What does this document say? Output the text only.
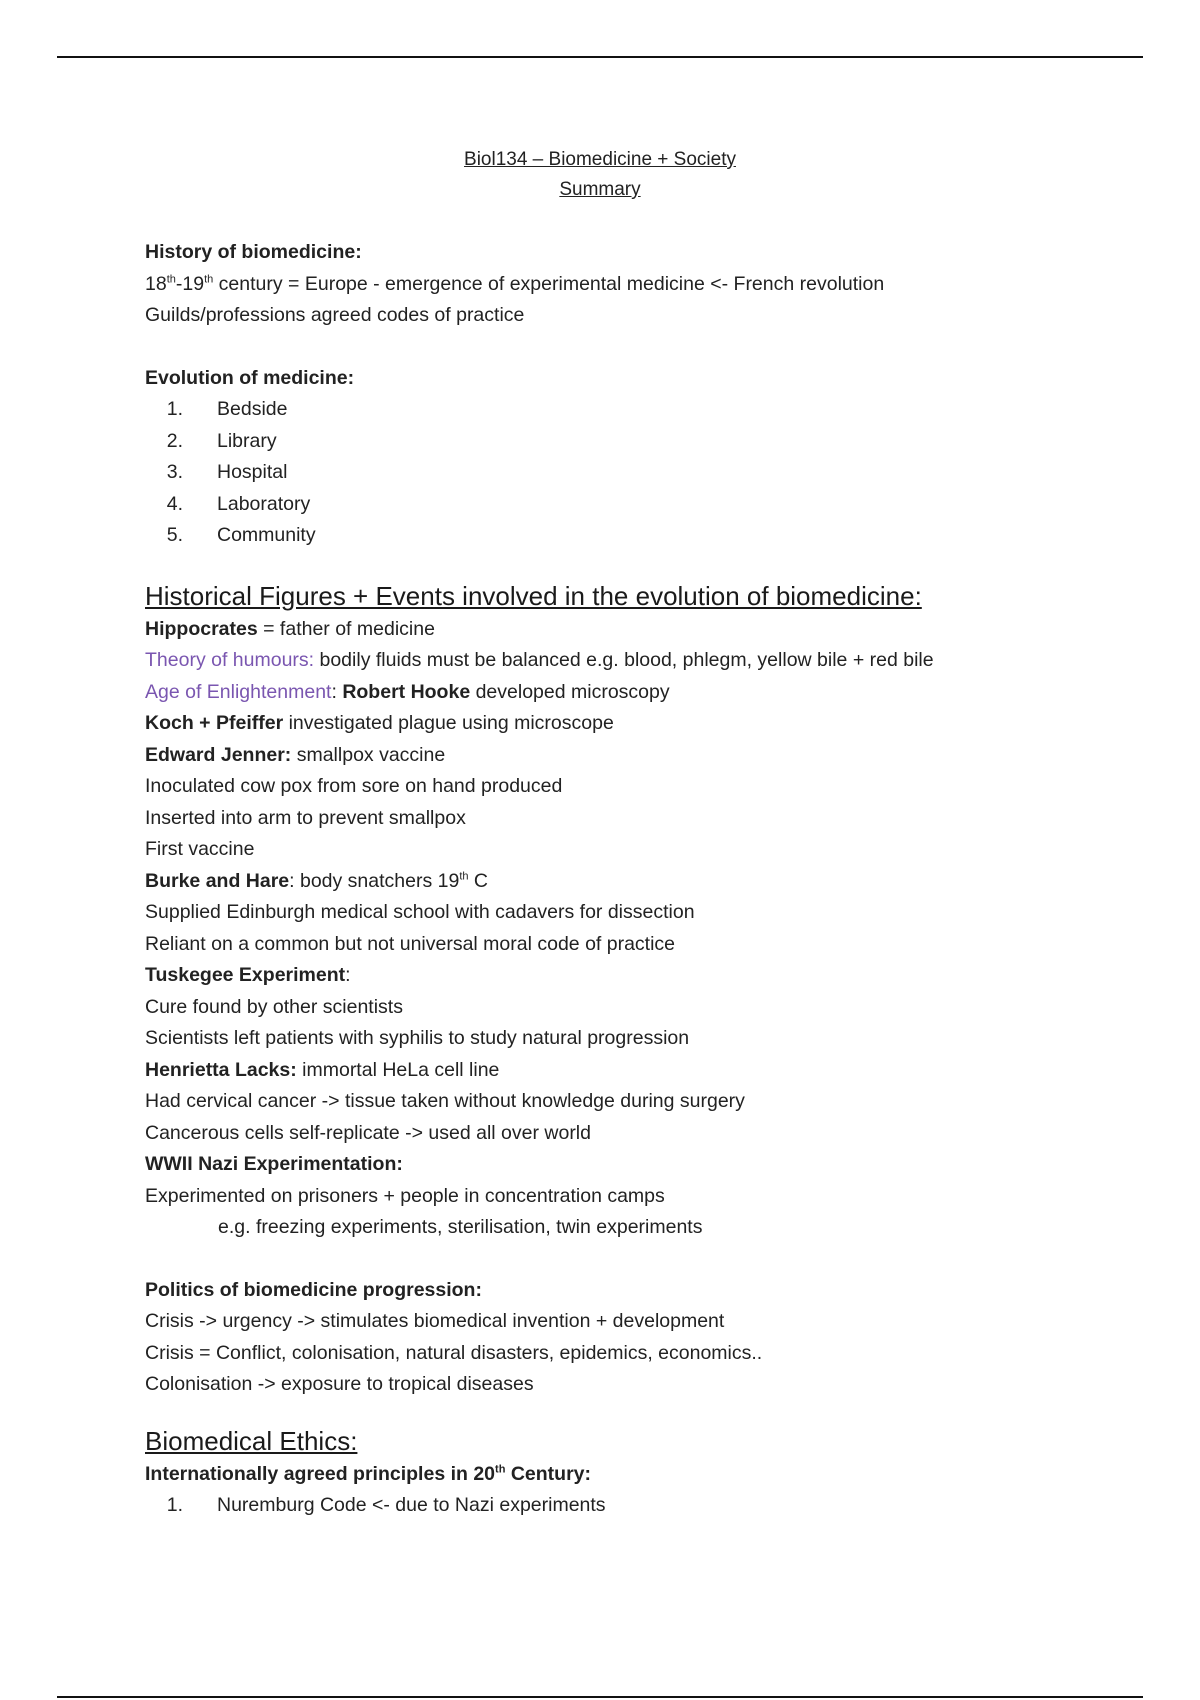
Biol134 – Biomedicine + Society
Summary
History of biomedicine:
18th-19th century = Europe - emergence of experimental medicine <- French revolution
Guilds/professions agreed codes of practice
Evolution of medicine:
1. Bedside
2. Library
3. Hospital
4. Laboratory
5. Community
Historical Figures + Events involved in the evolution of biomedicine:
Hippocrates = father of medicine
Theory of humours: bodily fluids must be balanced e.g. blood, phlegm, yellow bile + red bile
Age of Enlightenment: Robert Hooke developed microscopy
Koch + Pfeiffer investigated plague using microscope
Edward Jenner: smallpox vaccine
Inoculated cow pox from sore on hand produced
Inserted into arm to prevent smallpox
First vaccine
Burke and Hare: body snatchers 19th C
Supplied Edinburgh medical school with cadavers for dissection
Reliant on a common but not universal moral code of practice
Tuskegee Experiment:
Cure found by other scientists
Scientists left patients with syphilis to study natural progression
Henrietta Lacks: immortal HeLa cell line
Had cervical cancer -> tissue taken without knowledge during surgery
Cancerous cells self-replicate -> used all over world
WWII Nazi Experimentation:
Experimented on prisoners + people in concentration camps
e.g. freezing experiments, sterilisation, twin experiments
Politics of biomedicine progression:
Crisis -> urgency -> stimulates biomedical invention + development
Crisis = Conflict, colonisation, natural disasters, epidemics, economics..
Colonisation -> exposure to tropical diseases
Biomedical Ethics:
Internationally agreed principles in 20th Century:
1. Nuremburg Code <- due to Nazi experiments
